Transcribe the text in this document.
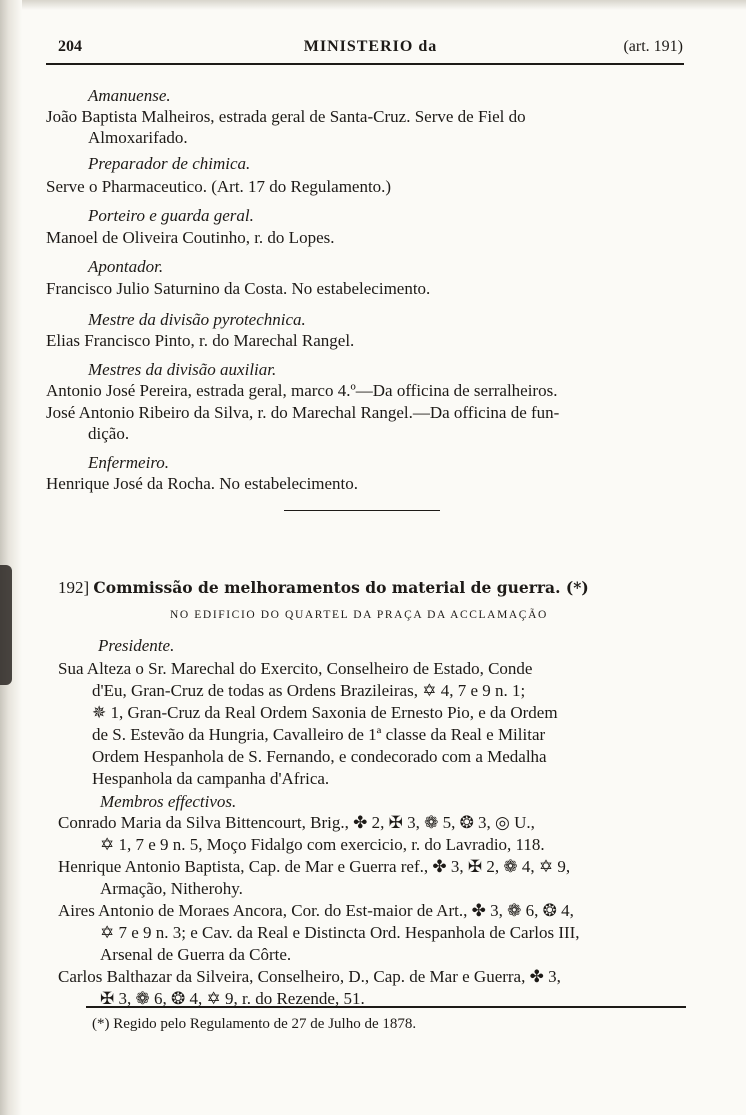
204	MINISTERIO da	(art. 191)
Amanuense.
João Baptista Malheiros, estrada geral de Santa-Cruz. Serve de Fiel do
Almoxarifado.
Preparador de chimica.
Serve o Pharmaceutico. (Art. 17 do Regulamento.)
Porteiro e guarda geral.
Manoel de Oliveira Coutinho, r. do Lopes.
Apontador.
Francisco Julio Saturnino da Costa. No estabelecimento.
Mestre da divisão pyrotechnica.
Elias Francisco Pinto, r. do Marechal Rangel.
Mestres da divisão auxiliar.
Antonio José Pereira, estrada geral, marco 4.º—Da officina de serralheiros.
José Antonio Ribeiro da Silva, r. do Marechal Rangel.—Da officina de fun-
dição.
Enfermeiro.
Henrique José da Rocha. No estabelecimento.
192] Commissão de melhoramentos do material de guerra. (*)
NO EDIFICIO DO QUARTEL DA PRAÇA DA ACCLAMAÇÃO
Presidente.
Sua Alteza o Sr. Marechal do Exercito, Conselheiro de Estado, Conde
d'Eu, Gran-Cruz de todas as Ordens Brazileiras, ✡ 4, 7 e 9 n. 1;
✵ 1, Gran-Cruz da Real Ordem Saxonia de Ernesto Pio, e da Ordem
de S. Estevão da Hungria, Cavalleiro de 1ª classe da Real e Militar
Ordem Hespanhola de S. Fernando, e condecorado com a Medalha
Hespanhola da campanha d'Africa.
Membros effectivos.
Conrado Maria da Silva Bittencourt, Brig., ✤ 2, ✠ 3, ❁ 5, ❂ 3, ◎ U.,
✡ 1, 7 e 9 n. 5, Moço Fidalgo com exercicio, r. do Lavradio, 118.
Henrique Antonio Baptista, Cap. de Mar e Guerra ref., ✤ 3, ✠ 2, ❁ 4, ✡ 9,
Armação, Nitherohy.
Aires Antonio de Moraes Ancora, Cor. do Est-maior de Art., ✤ 3, ❁ 6, ❂ 4,
✡ 7 e 9 n. 3; e Cav. da Real e Distincta Ord. Hespanhola de Carlos III,
Arsenal de Guerra da Côrte.
Carlos Balthazar da Silveira, Conselheiro, D., Cap. de Mar e Guerra, ✤ 3,
✠ 3, ❁ 6, ❂ 4, ✡ 9, r. do Rezende, 51.
(*) Regido pelo Regulamento de 27 de Julho de 1878.
